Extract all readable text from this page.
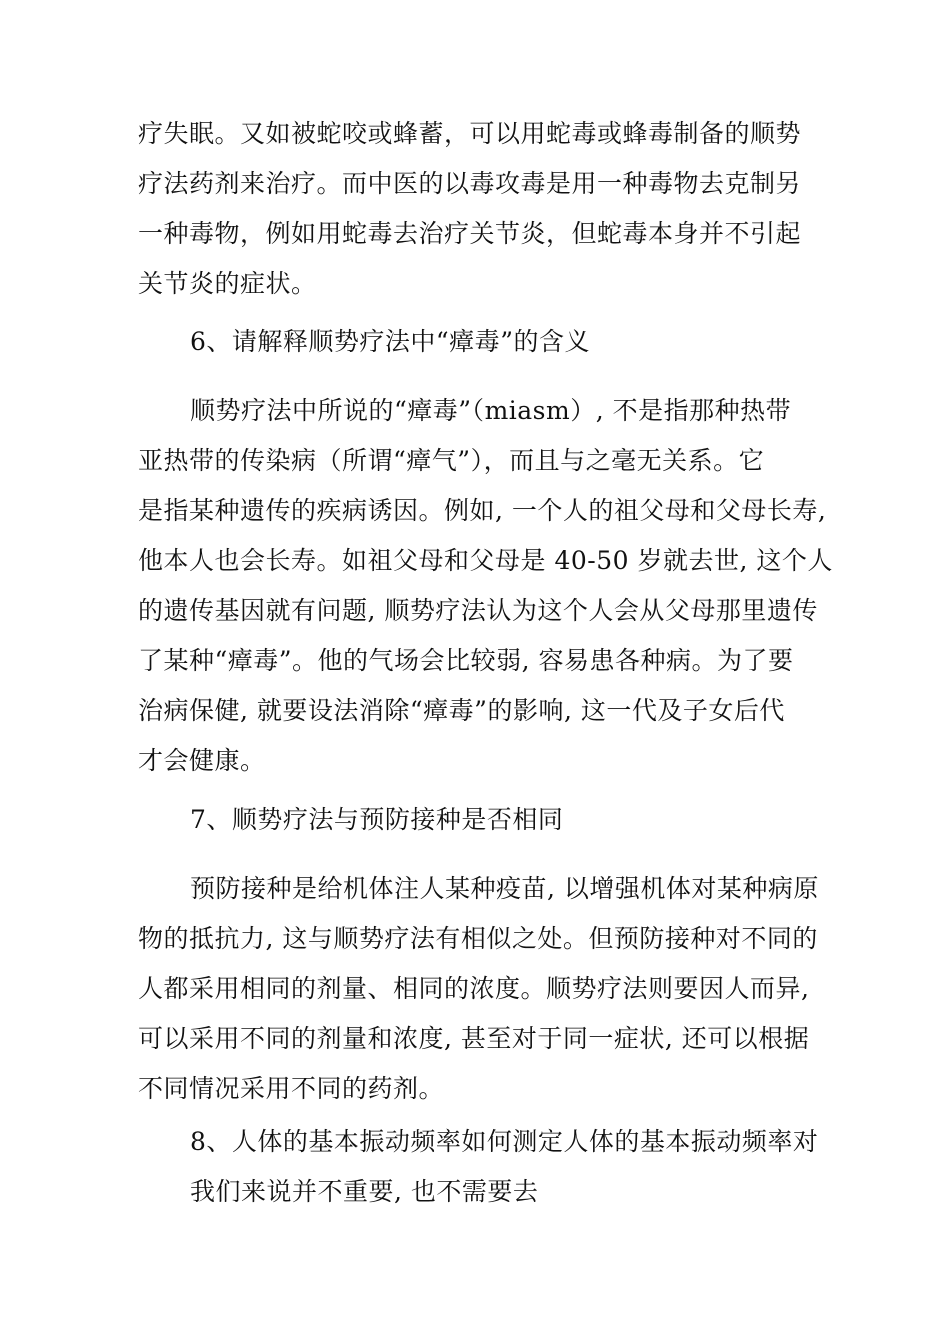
疗失眠。又如被蛇咬或蜂蓄，可以用蛇毒或蜂毒制备的顺势
疗法药剂来治疗。而中医的以毒攻毒是用一种毒物去克制另
一种毒物，例如用蛇毒去治疗关节炎，但蛇毒本身并不引起
关节炎的症状。
6、请解释顺势疗法中“瘴毒”的含义
顺势疗法中所说的“瘴毒”（miasm）, 不是指那种热带
亚热带的传染病（所谓“瘴气”），而且与之毫无关系。它
是指某种遗传的疾病诱因。例如, 一个人的祖父母和父母长寿,
他本人也会长寿。如祖父母和父母是 40-50 岁就去世, 这个人
的遗传基因就有问题, 顺势疗法认为这个人会从父母那里遗传
了某种“瘴毒”。他的气场会比较弱, 容易患各种病。为了要
治病保健, 就要设法消除“瘴毒”的影响, 这一代及子女后代
才会健康。
7、顺势疗法与预防接种是否相同
预防接种是给机体注人某种疫苗, 以增强机体对某种病原
物的抵抗力, 这与顺势疗法有相似之处。但预防接种对不同的
人都采用相同的剂量、相同的浓度。顺势疗法则要因人而异,
可以采用不同的剂量和浓度, 甚至对于同一症状, 还可以根据
不同情况采用不同的药剂。
8、人体的基本振动频率如何测定人体的基本振动频率对
我们来说并不重要, 也不需要去
